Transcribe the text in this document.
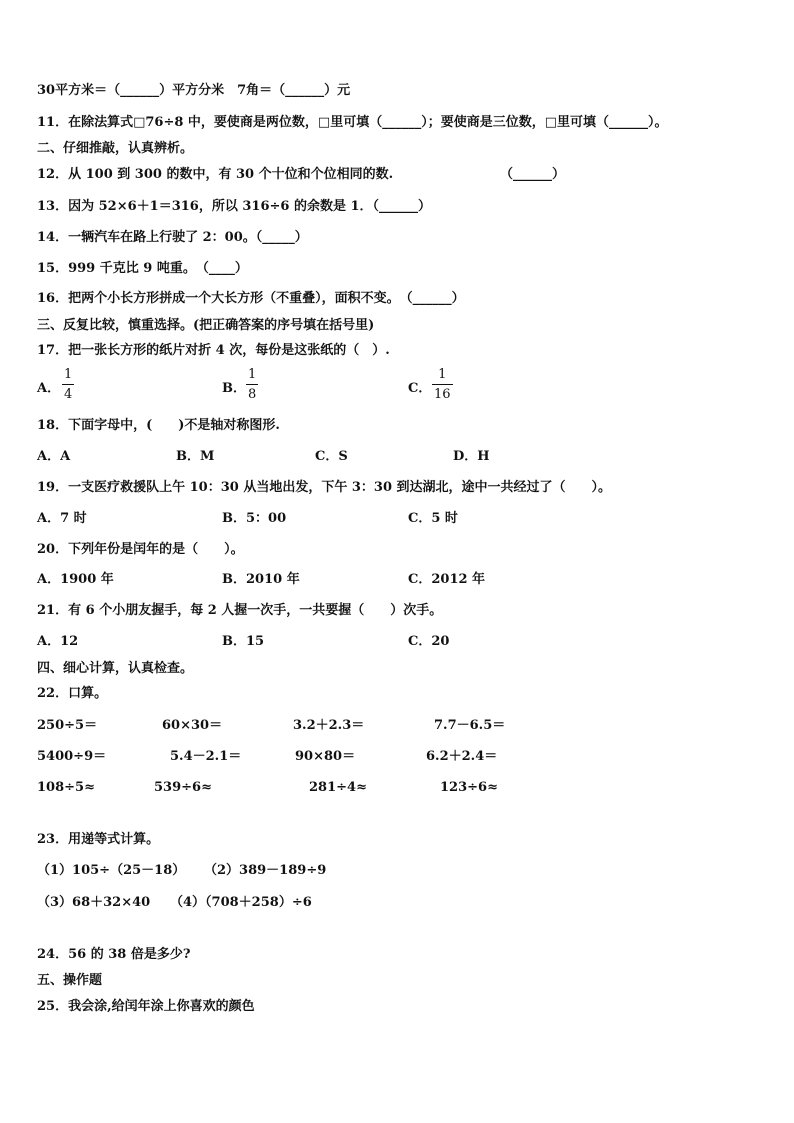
30平方米＝（______）平方分米　7角＝（______）元
11．在除法算式□76÷8 中，要使商是两位数，□里可填（______）；要使商是三位数，□里可填（______）。
二、仔细推敲，认真辨析。
12．从 100 到 300 的数中，有 30 个十位和个位相同的数.	（______）
13．因为 52×6＋1＝316，所以 316÷6 的余数是 1．（______）
14．一辆汽车在路上行驶了 2：00。（_____）
15．999 千克比 9 吨重。　（____）
16．把两个小长方形拼成一个大长方形（不重叠），面积不变。　（______）
三、反复比较，慎重选择。(把正确答案的序号填在括号里)
17．把一张长方形的纸片对折 4 次，每份是这张纸的（　）.
A．
1
4	B．
1
8	C．
1
16
18．下面字母中，(　　)不是轴对称图形.
A．A	B．M	C．S	D．H
19．一支医疗救援队上午 10：30 从当地出发，下午 3：30 到达湖北，途中一共经过了（　　）。
A．7 时	B．5：00	C．5 时
20．下列年份是闰年的是（　　）。
A．1900 年	B．2010 年	C．2012 年
21．有 6 个小朋友握手，每 2 人握一次手，一共要握（　　）次手。
A．12	B．15	C．20
四、细心计算，认真检查。
22．口算。
250÷5＝	60×30＝	3.2＋2.3＝	7.7－6.5＝
5400÷9＝	5.4－2.1＝	90×80＝	6.2＋2.4＝
108÷5≈	539÷6≈	281÷4≈	123÷6≈
23．用递等式计算。
（1）105÷（25－18） （2）389－189÷9
（3）68＋32×40 （4）（708＋258）÷6
24．56 的 38 倍是多少?
五、操作题
25．我会涂,给闰年涂上你喜欢的颜色
